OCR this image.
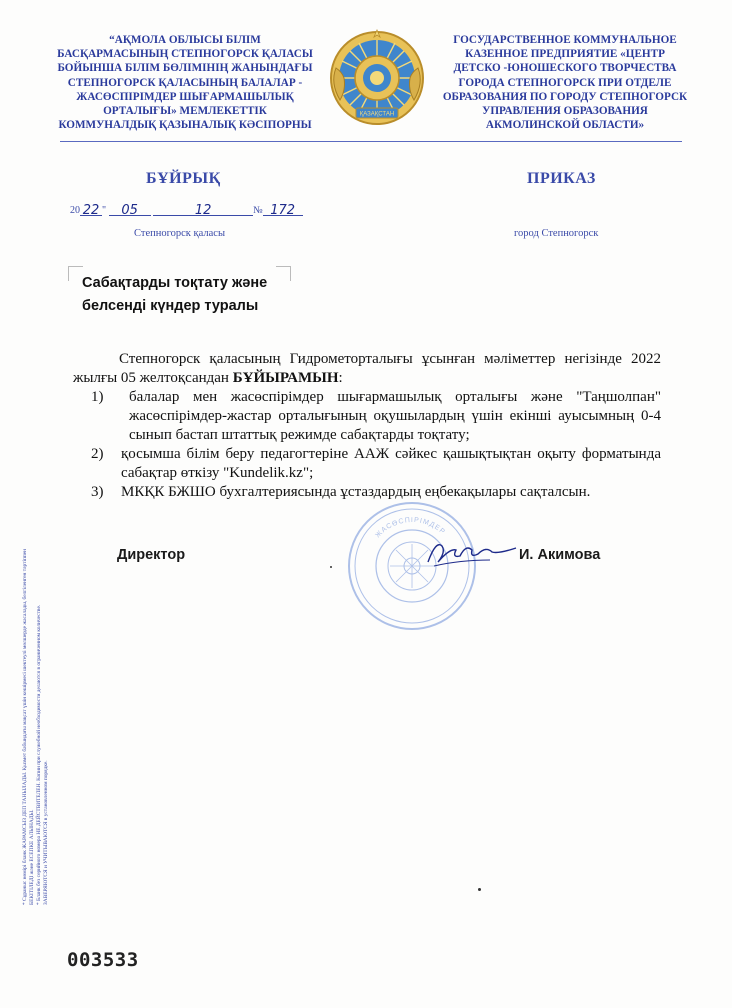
“АҚМОЛА ОБЛЫСЫ БІЛІМ
БАСҚАРМАСЫНЫҢ СТЕПНОГОРСК ҚАЛАСЫ
БОЙЫНША БІЛІМ БӨЛІМІНІҢ ЖАНЫНДАҒЫ
СТЕПНОГОРСК ҚАЛАСЫНЫҢ БАЛАЛАР -
ЖАСӨСПІРІМДЕР ШЫҒАРМАШЫЛЫҚ
ОРТАЛЫҒЫ» МЕМЛЕКЕТТІК
КОММУНАЛДЫҚ ҚАЗЫНАЛЫҚ КӘСІПОРНЫ
ҚАЗАҚСТАН
ГОСУДАРСТВЕННОЕ КОММУНАЛЬНОЕ
КАЗЕННОЕ ПРЕДПРИЯТИЕ «ЦЕНТР
ДЕТСКО -ЮНОШЕСКОГО ТВОРЧЕСТВА
ГОРОДА СТЕПНОГОРСК ПРИ ОТДЕЛЕ
ОБРАЗОВАНИЯ ПО ГОРОДУ СТЕПНОГОРСК
УПРАВЛЕНИЯ ОБРАЗОВАНИЯ
АКМОЛИНСКОЙ ОБЛАСТИ»
БҰЙРЫҚ	ПРИКАЗ
20 22 " 05	12	№ 172
Степногорск қаласы	город Степногорск
Сабақтарды тоқтату және
белсенді күндер туралы

Степногорск қаласының Гидрометорталығы ұсынған мәліметтер негізінде 2022 жылғы 05 желтоқсандан БҰЙЫРАМЫН:

1)	балалар мен жасөспірімдер шығармашылық орталығы және "Таңшолпан" жасөспірімдер-жастар орталығының оқушылардың үшін екінші ауысымның 0-4 сынып бастап штаттық режимде сабақтарды тоқтату;
2)	қосымша білім беру педагогтеріне ААЖ сәйкес қашықтықтан оқыту форматында сабақтар өткізу "Kundelik.kz";
3)	МКҚК БЖШО бухгалтериясында ұстаздардың еңбекақылары сақталсын.
ЖАСӨСПІРІМДЕР
Директор	И. Акимова
* Сұраныс нөмірі бланк ЖАРАМСЫЗ ДЕП ТАНЫЛАДЫ. Қызмет бабындағы мақсат үшін көшірмесі шектеулі мөлшерде жасалады, белгіленген тәртіппен БЕКІТІЛЕДІ және ЕСЕПКЕ АЛЫНАДЫ. * Бланк без серийного номера НЕ ДЕЙСТВИТЕЛЕН. Копии при служебной необходимости делаются в ограниченном количестве. ЗАВЕРЯЮТСЯ и УЧИТЫВАЮТСЯ в установленном порядке.
003533
